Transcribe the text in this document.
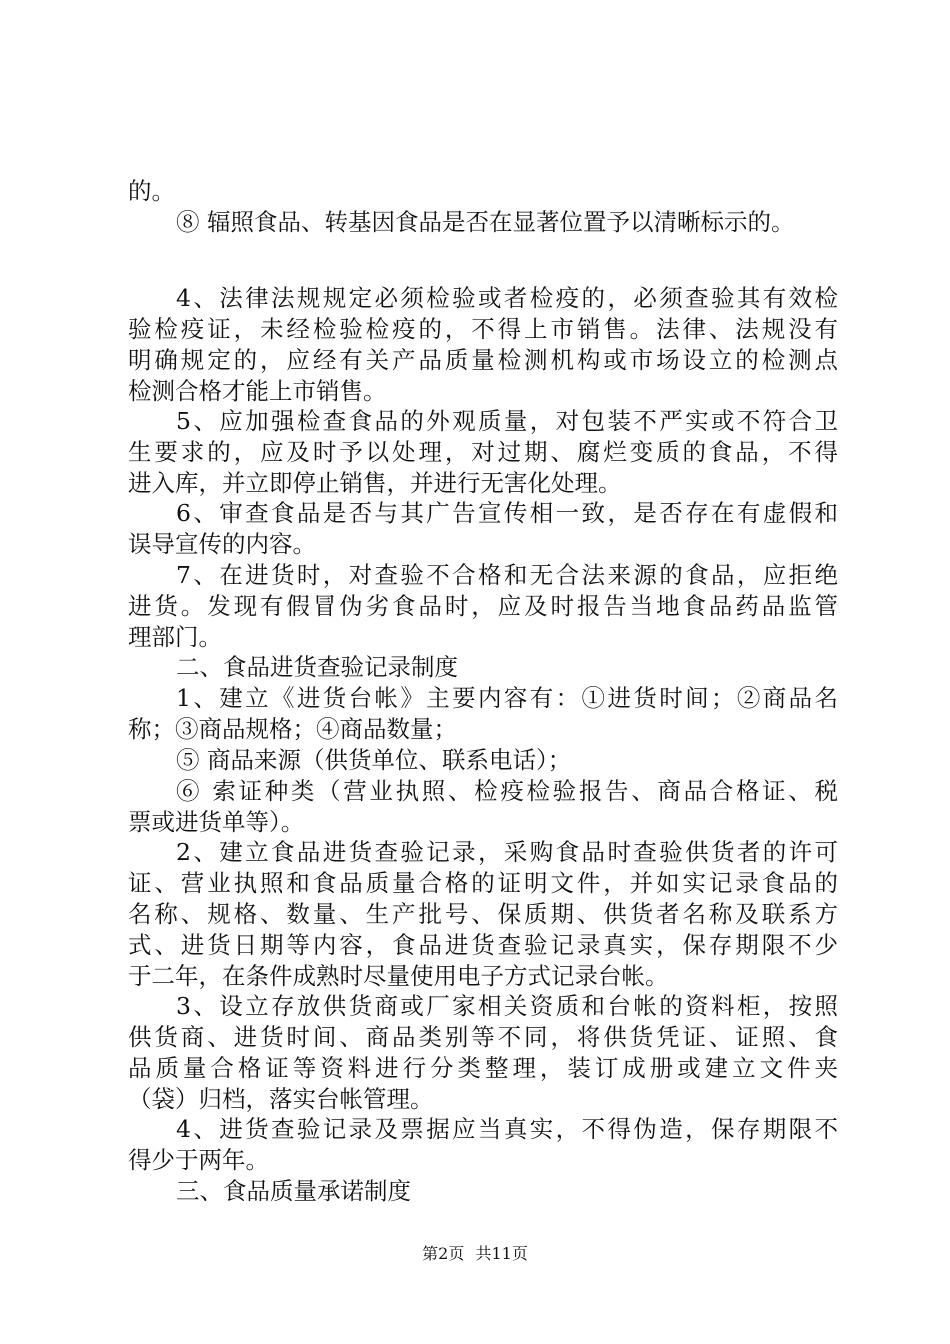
的。

⑧ 辐照食品、转基因食品是否在显著位置予以清晰标示的。

4、法律法规规定必须检验或者检疫的，必须查验其有效检

验检疫证，未经检验检疫的，不得上市销售。法律、法规没有

明确规定的，应经有关产品质量检测机构或市场设立的检测点

检测合格才能上市销售。

5、应加强检查食品的外观质量，对包装不严实或不符合卫

生要求的，应及时予以处理，对过期、腐烂变质的食品，不得

进入库，并立即停止销售，并进行无害化处理。

6、审查食品是否与其广告宣传相一致，是否存在有虚假和

误导宣传的内容。

7、在进货时，对查验不合格和无合法来源的食品，应拒绝

进货。发现有假冒伪劣食品时，应及时报告当地食品药品监管

理部门。

二、食品进货查验记录制度

1、建立《进货台帐》主要内容有：①进货时间；②商品名

称；③商品规格；④商品数量；

⑤ 商品来源（供货单位、联系电话）；

⑥ 索证种类（营业执照、检疫检验报告、商品合格证、税

票或进货单等）。

2、建立食品进货查验记录，采购食品时查验供货者的许可

证、营业执照和食品质量合格的证明文件，并如实记录食品的

名称、规格、数量、生产批号、保质期、供货者名称及联系方

式、进货日期等内容，食品进货查验记录真实，保存期限不少

于二年，在条件成熟时尽量使用电子方式记录台帐。

3、设立存放供货商或厂家相关资质和台帐的资料柜，按照

供货商、进货时间、商品类别等不同，将供货凭证、证照、食

品质量合格证等资料进行分类整理，装订成册或建立文件夹

（袋）归档，落实台帐管理。

4、进货查验记录及票据应当真实，不得伪造，保存期限不

得少于两年。

三、食品质量承诺制度

第2页 共11页
